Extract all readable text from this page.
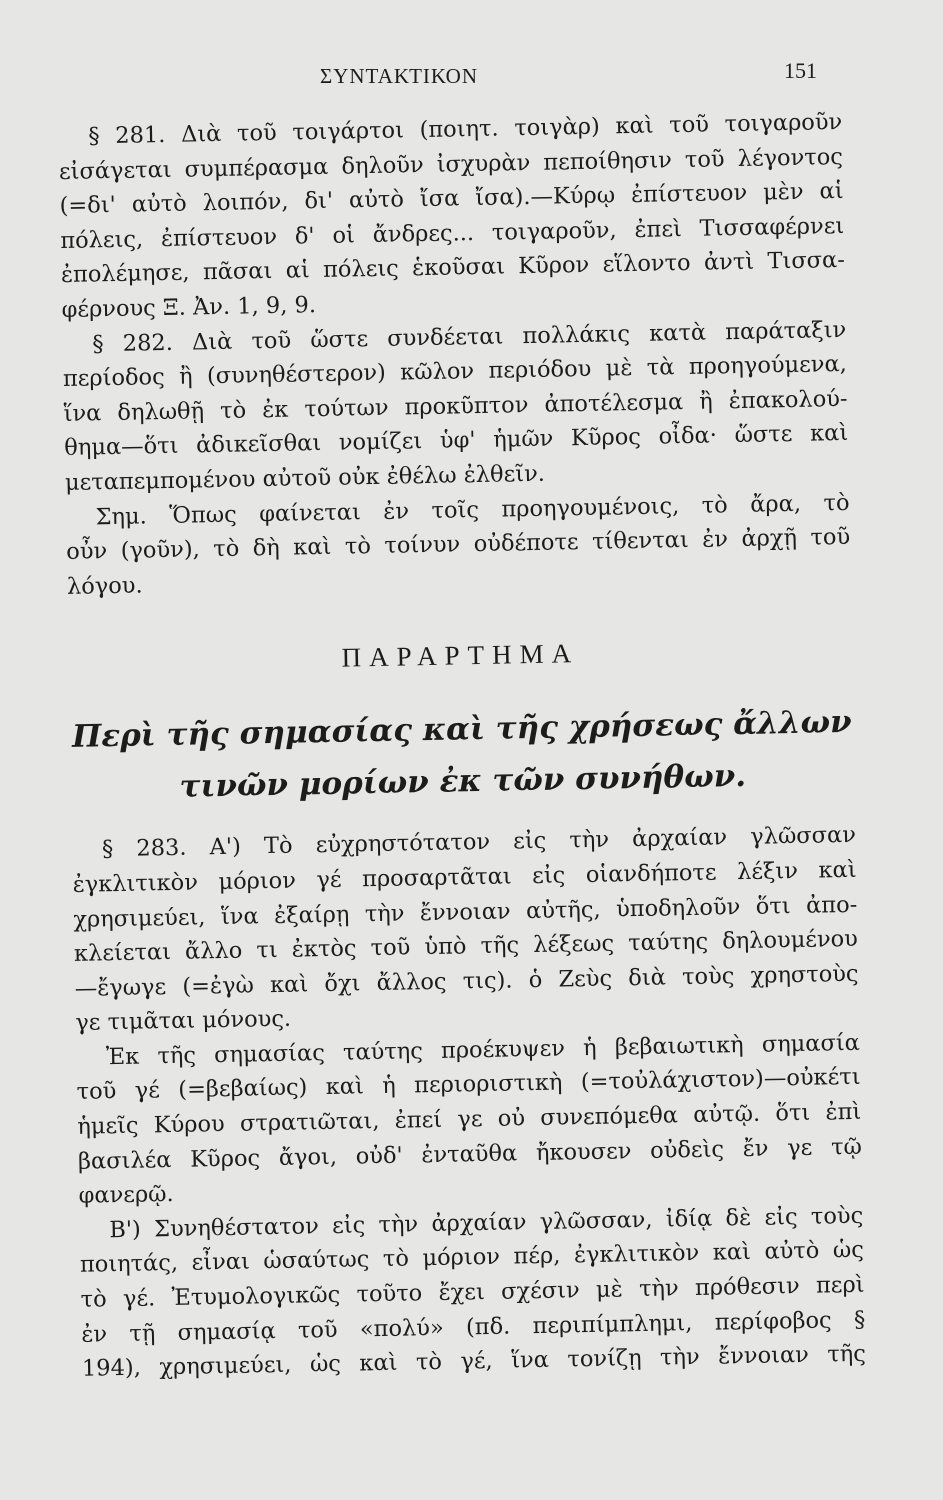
ΣΥΝΤΑΚΤΙΚΟΝ	151

§ 281. Διὰ τοῦ τοιγάρτοι (ποιητ. τοιγὰρ) καὶ τοῦ τοιγαροῦν
εἰσάγεται συμπέρασμα δηλοῦν ἰσχυρὰν πεποίθησιν τοῦ λέγοντος
(=δι' αὐτὸ λοιπόν, δι' αὐτὸ ἴσα ἴσα).—Κύρῳ ἐπίστευον μὲν αἱ
πόλεις, ἐπίστευον δ' οἱ ἄνδρες... τοιγαροῦν, ἐπεὶ Τισσαφέρνει
ἐπολέμησε, πᾶσαι αἱ πόλεις ἑκοῦσαι Κῦρον εἵλοντο ἀντὶ Τισσα-
φέρνους Ξ. Ἀν. 1, 9, 9.

§ 282. Διὰ τοῦ ὥστε συνδέεται πολλάκις κατὰ παράταξιν
περίοδος ἢ (συνηθέστερον) κῶλον περιόδου μὲ τὰ προηγούμενα,
ἵνα δηλωθῇ τὸ ἐκ τούτων προκῦπτον ἀποτέλεσμα ἢ ἐπακολού-
θημα—ὅτι ἀδικεῖσθαι νομίζει ὑφ' ἡμῶν Κῦρος οἶδα· ὥστε καὶ
μεταπεμπομένου αὐτοῦ οὐκ ἐθέλω ἐλθεῖν.

Σημ. Ὅπως φαίνεται ἐν τοῖς προηγουμένοις, τὸ ἄρα, τὸ
οὖν (γοῦν), τὸ δὴ καὶ τὸ τοίνυν οὐδέποτε τίθενται ἐν ἀρχῇ τοῦ
λόγου.

ΠΑΡΑΡΤΗΜΑ
Περὶ τῆς σημασίας καὶ τῆς χρήσεως ἄλλων
τινῶν μορίων ἐκ τῶν συνήθων.

§ 283. Α') Τὸ εὐχρηστότατον εἰς τὴν ἀρχαίαν γλῶσσαν
ἐγκλιτικὸν μόριον γέ προσαρτᾶται εἰς οἱανδήποτε λέξιν καὶ
χρησιμεύει, ἵνα ἐξαίρῃ τὴν ἔννοιαν αὐτῆς, ὑποδηλοῦν ὅτι ἀπο-
κλείεται ἄλλο τι ἐκτὸς τοῦ ὑπὸ τῆς λέξεως ταύτης δηλουμένου
—ἔγωγε (=ἐγὼ καὶ ὄχι ἄλλος τις). ὁ Ζεὺς διὰ τοὺς χρηστοὺς
γε τιμᾶται μόνους.

Ἐκ τῆς σημασίας ταύτης προέκυψεν ἡ βεβαιωτικὴ σημασία
τοῦ γέ (=βεβαίως) καὶ ἡ περιοριστικὴ (=τοὐλάχιστον)—οὐκέτι
ἡμεῖς Κύρου στρατιῶται, ἐπεί γε οὐ συνεπόμεθα αὐτῷ. ὅτι ἐπὶ
βασιλέα Κῦρος ἄγοι, οὐδ' ἐνταῦθα ἤκουσεν οὐδεὶς ἔν γε τῷ
φανερῷ.

Β') Συνηθέστατον εἰς τὴν ἀρχαίαν γλῶσσαν, ἰδίᾳ δὲ εἰς τοὺς
ποιητάς, εἶναι ὡσαύτως τὸ μόριον πέρ, ἐγκλιτικὸν καὶ αὐτὸ ὡς
τὸ γέ. Ἐτυμολογικῶς τοῦτο ἔχει σχέσιν μὲ τὴν πρόθεσιν περὶ
ἐν τῇ σημασίᾳ τοῦ «πολύ» (πδ. περιπίμπλημι, περίφοβος §
194), χρησιμεύει, ὡς καὶ τὸ γέ, ἵνα τονίζῃ τὴν ἔννοιαν τῆς
